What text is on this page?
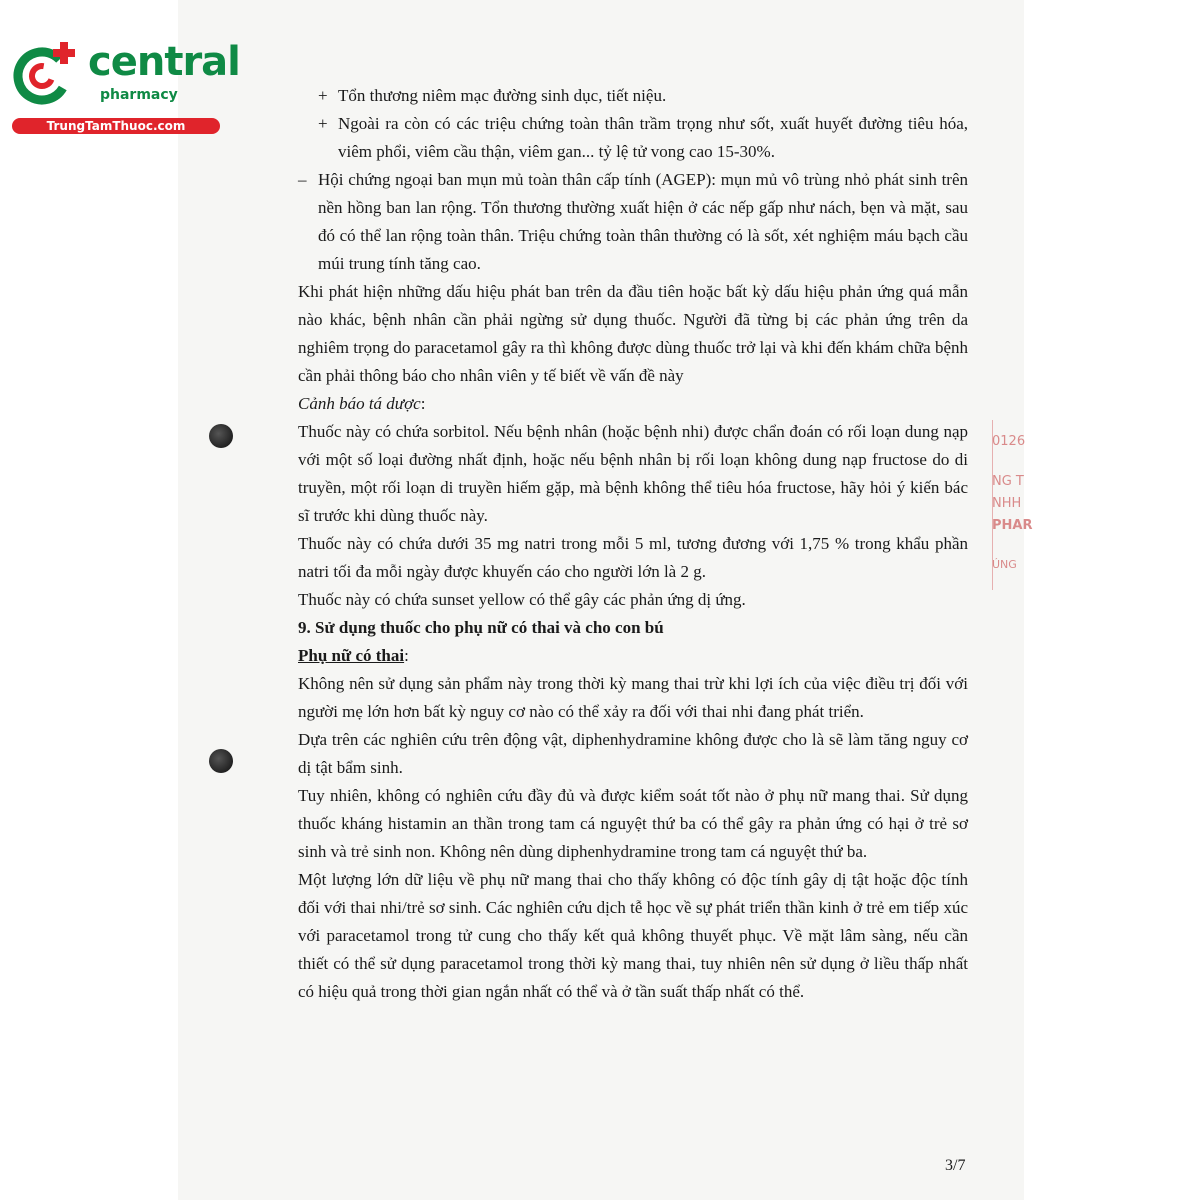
central
pharmacy
TrungTamThuoc.com
0126
NG T
NHH
PHAR
ÚNG

+ Tổn thương niêm mạc đường sinh dục, tiết niệu.

+ Ngoài ra còn có các triệu chứng toàn thân trầm trọng như sốt, xuất huyết đường tiêu hóa, viêm phổi, viêm cầu thận, viêm gan... tỷ lệ tử vong cao 15-30%.

– Hội chứng ngoại ban mụn mủ toàn thân cấp tính (AGEP): mụn mủ vô trùng nhỏ phát sinh trên nền hồng ban lan rộng. Tổn thương thường xuất hiện ở các nếp gấp như nách, bẹn và mặt, sau đó có thể lan rộng toàn thân. Triệu chứng toàn thân thường có là sốt, xét nghiệm máu bạch cầu múi trung tính tăng cao.

Khi phát hiện những dấu hiệu phát ban trên da đầu tiên hoặc bất kỳ dấu hiệu phản ứng quá mẫn nào khác, bệnh nhân cần phải ngừng sử dụng thuốc. Người đã từng bị các phản ứng trên da nghiêm trọng do paracetamol gây ra thì không được dùng thuốc trở lại và khi đến khám chữa bệnh cần phải thông báo cho nhân viên y tế biết về vấn đề này

Cảnh báo tá dược:

Thuốc này có chứa sorbitol. Nếu bệnh nhân (hoặc bệnh nhi) được chẩn đoán có rối loạn dung nạp với một số loại đường nhất định, hoặc nếu bệnh nhân bị rối loạn không dung nạp fructose do di truyền, một rối loạn di truyền hiếm gặp, mà bệnh không thể tiêu hóa fructose, hãy hỏi ý kiến bác sĩ trước khi dùng thuốc này.

Thuốc này có chứa dưới 35 mg natri trong mỗi 5 ml, tương đương với 1,75 % trong khẩu phần natri tối đa mỗi ngày được khuyến cáo cho người lớn là 2 g.

Thuốc này có chứa sunset yellow có thể gây các phản ứng dị ứng.

9. Sử dụng thuốc cho phụ nữ có thai và cho con bú

Phụ nữ có thai:

Không nên sử dụng sản phẩm này trong thời kỳ mang thai trừ khi lợi ích của việc điều trị đối với người mẹ lớn hơn bất kỳ nguy cơ nào có thể xảy ra đối với thai nhi đang phát triển.

Dựa trên các nghiên cứu trên động vật, diphenhydramine không được cho là sẽ làm tăng nguy cơ dị tật bẩm sinh.

Tuy nhiên, không có nghiên cứu đầy đủ và được kiểm soát tốt nào ở phụ nữ mang thai. Sử dụng thuốc kháng histamin an thần trong tam cá nguyệt thứ ba có thể gây ra phản ứng có hại ở trẻ sơ sinh và trẻ sinh non. Không nên dùng diphenhydramine trong tam cá nguyệt thứ ba.

Một lượng lớn dữ liệu về phụ nữ mang thai cho thấy không có độc tính gây dị tật hoặc độc tính đối với thai nhi/trẻ sơ sinh. Các nghiên cứu dịch tễ học về sự phát triển thần kinh ở trẻ em tiếp xúc với paracetamol trong tử cung cho thấy kết quả không thuyết phục. Về mặt lâm sàng, nếu cần thiết có thể sử dụng paracetamol trong thời kỳ mang thai, tuy nhiên nên sử dụng ở liều thấp nhất có hiệu quả trong thời gian ngắn nhất có thể và ở tần suất thấp nhất có thể.

3/7
